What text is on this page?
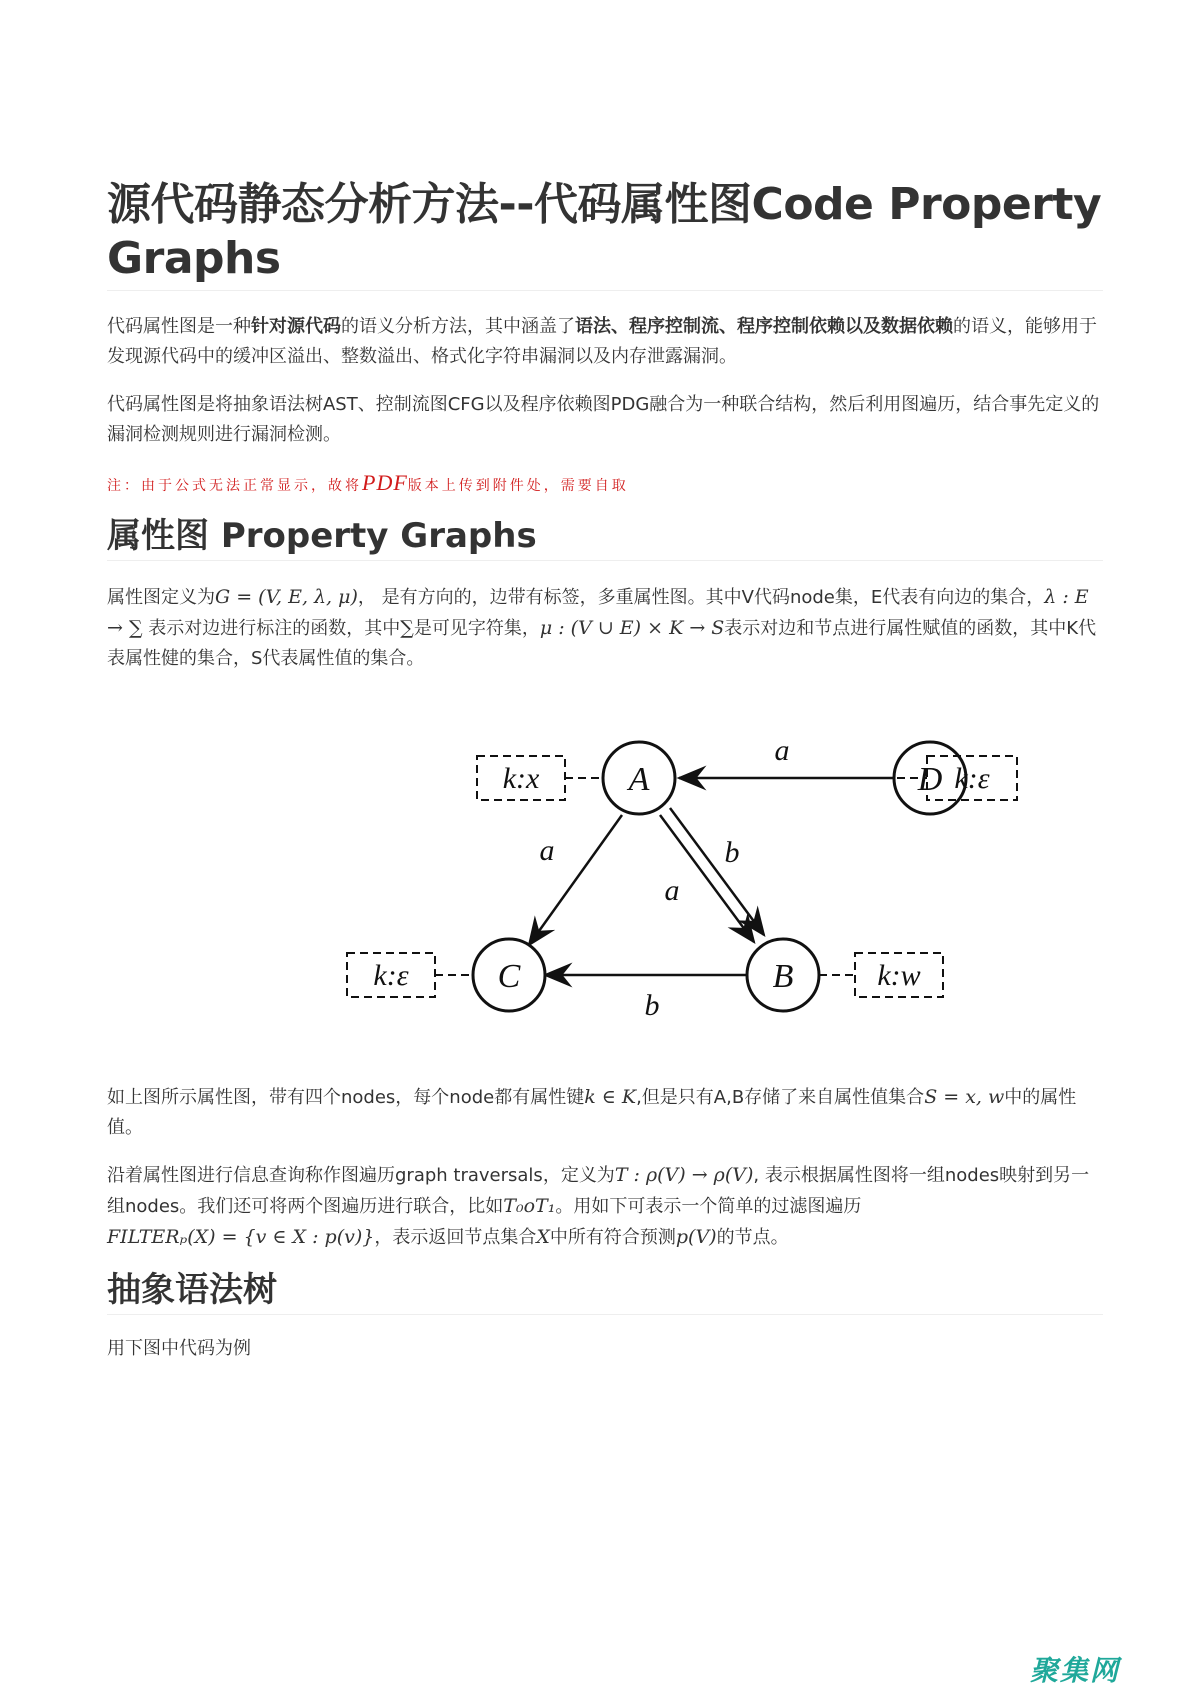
源代码静态分析方法--代码属性图Code Property Graphs

代码属性图是一种针对源代码的语义分析方法，其中涵盖了语法、程序控制流、程序控制依赖以及数据依赖的语义，能够用于发现源代码中的缓冲区溢出、整数溢出、格式化字符串漏洞以及内存泄露漏洞。

代码属性图是将抽象语法树AST、控制流图CFG以及程序依赖图PDG融合为一种联合结构，然后利用图遍历，结合事先定义的漏洞检测规则进行漏洞检测。

注：由于公式无法正常显示，故将PDF版本上传到附件处，需要自取
属性图 Property Graphs

属性图定义为G = (V, E, λ, μ)， 是有方向的，边带有标签，多重属性图。其中V代码node集，E代表有向边的集合，λ : E → ∑ 表示对边进行标注的函数，其中∑是可见字符集，μ : (V ∪ E) × K → S表示对边和节点进行属性赋值的函数，其中K代表属性健的集合，S代表属性值的集合。

a
a
a
b
b
A	D
C	B
k:x
k:ε	k:w
k:ε

如上图所示属性图，带有四个nodes，每个node都有属性键k ∈ K,但是只有A,B存储了来自属性值集合S = x, w中的属性值。

沿着属性图进行信息查询称作图遍历graph traversals，定义为T : ρ(V) → ρ(V), 表示根据属性图将一组nodes映射到另一组nodes。我们还可将两个图遍历进行联合，比如T₀oT₁。用如下可表示一个简单的过滤图遍历
FILTERₚ(X) = {v ∈ X : p(v)}，表示返回节点集合X中所有符合预测p(V)的节点。

抽象语法树

用下图中代码为例

聚集网
